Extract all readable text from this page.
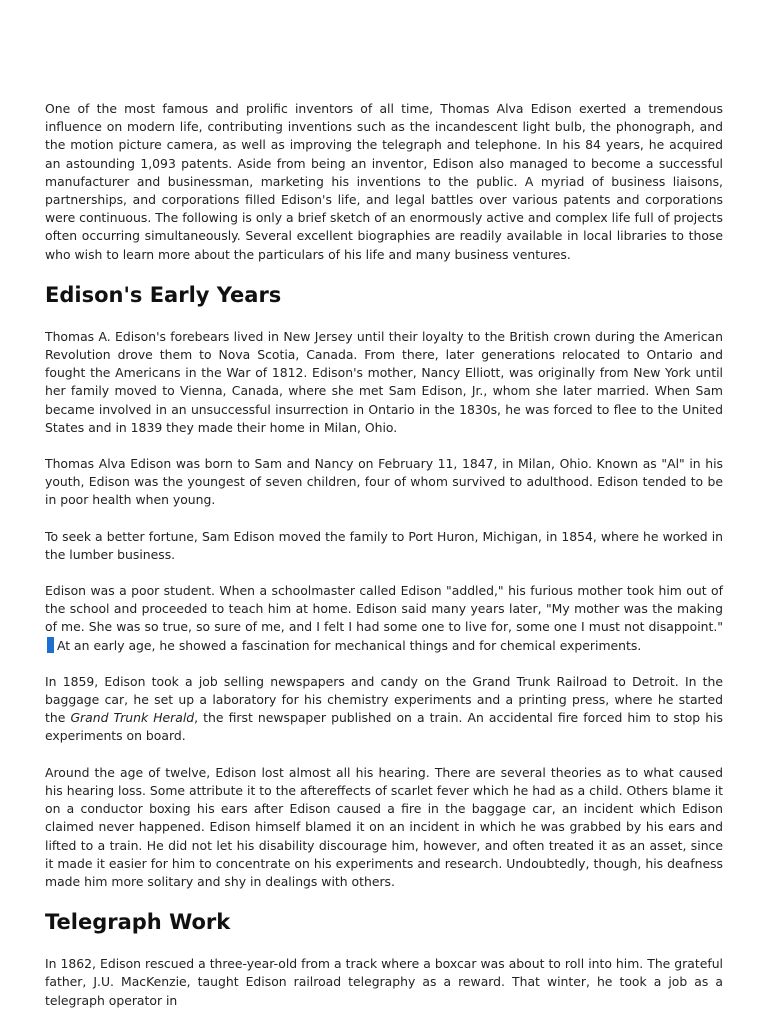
One of the most famous and prolific inventors of all time, Thomas Alva Edison exerted a tremendous influence on modern life, contributing inventions such as the incandescent light bulb, the phonograph, and the motion picture camera, as well as improving the telegraph and telephone. In his 84 years, he acquired an astounding 1,093 patents. Aside from being an inventor, Edison also managed to become a successful manufacturer and businessman, marketing his inventions to the public. A myriad of business liaisons, partnerships, and corporations filled Edison's life, and legal battles over various patents and corporations were continuous. The following is only a brief sketch of an enormously active and complex life full of projects often occurring simultaneously. Several excellent biographies are readily available in local libraries to those who wish to learn more about the particulars of his life and many business ventures.

Edison's Early Years

Thomas A. Edison's forebears lived in New Jersey until their loyalty to the British crown during the American Revolution drove them to Nova Scotia, Canada. From there, later generations relocated to Ontario and fought the Americans in the War of 1812. Edison's mother, Nancy Elliott, was originally from New York until her family moved to Vienna, Canada, where she met Sam Edison, Jr., whom she later married. When Sam became involved in an unsuccessful insurrection in Ontario in the 1830s, he was forced to flee to the United States and in 1839 they made their home in Milan, Ohio.

Thomas Alva Edison was born to Sam and Nancy on February 11, 1847, in Milan, Ohio. Known as "Al" in his youth, Edison was the youngest of seven children, four of whom survived to adulthood. Edison tended to be in poor health when young.

To seek a better fortune, Sam Edison moved the family to Port Huron, Michigan, in 1854, where he worked in the lumber business.

Edison was a poor student. When a schoolmaster called Edison "addled," his furious mother took him out of the school and proceeded to teach him at home. Edison said many years later, "My mother was the making of me. She was so true, so sure of me, and I felt I had some one to live for, some one I must not disappoint."At an early age, he showed a fascination for mechanical things and for chemical experiments.

In 1859, Edison took a job selling newspapers and candy on the Grand Trunk Railroad to Detroit. In the baggage car, he set up a laboratory for his chemistry experiments and a printing press, where he started the Grand Trunk Herald, the first newspaper published on a train. An accidental fire forced him to stop his experiments on board.

Around the age of twelve, Edison lost almost all his hearing. There are several theories as to what caused his hearing loss. Some attribute it to the aftereffects of scarlet fever which he had as a child. Others blame it on a conductor boxing his ears after Edison caused a fire in the baggage car, an incident which Edison claimed never happened. Edison himself blamed it on an incident in which he was grabbed by his ears and lifted to a train. He did not let his disability discourage him, however, and often treated it as an asset, since it made it easier for him to concentrate on his experiments and research. Undoubtedly, though, his deafness made him more solitary and shy in dealings with others.

Telegraph Work

In 1862, Edison rescued a three-year-old from a track where a boxcar was about to roll into him. The grateful father, J.U. MacKenzie, taught Edison railroad telegraphy as a reward. That winter, he took a job as a telegraph operator in
